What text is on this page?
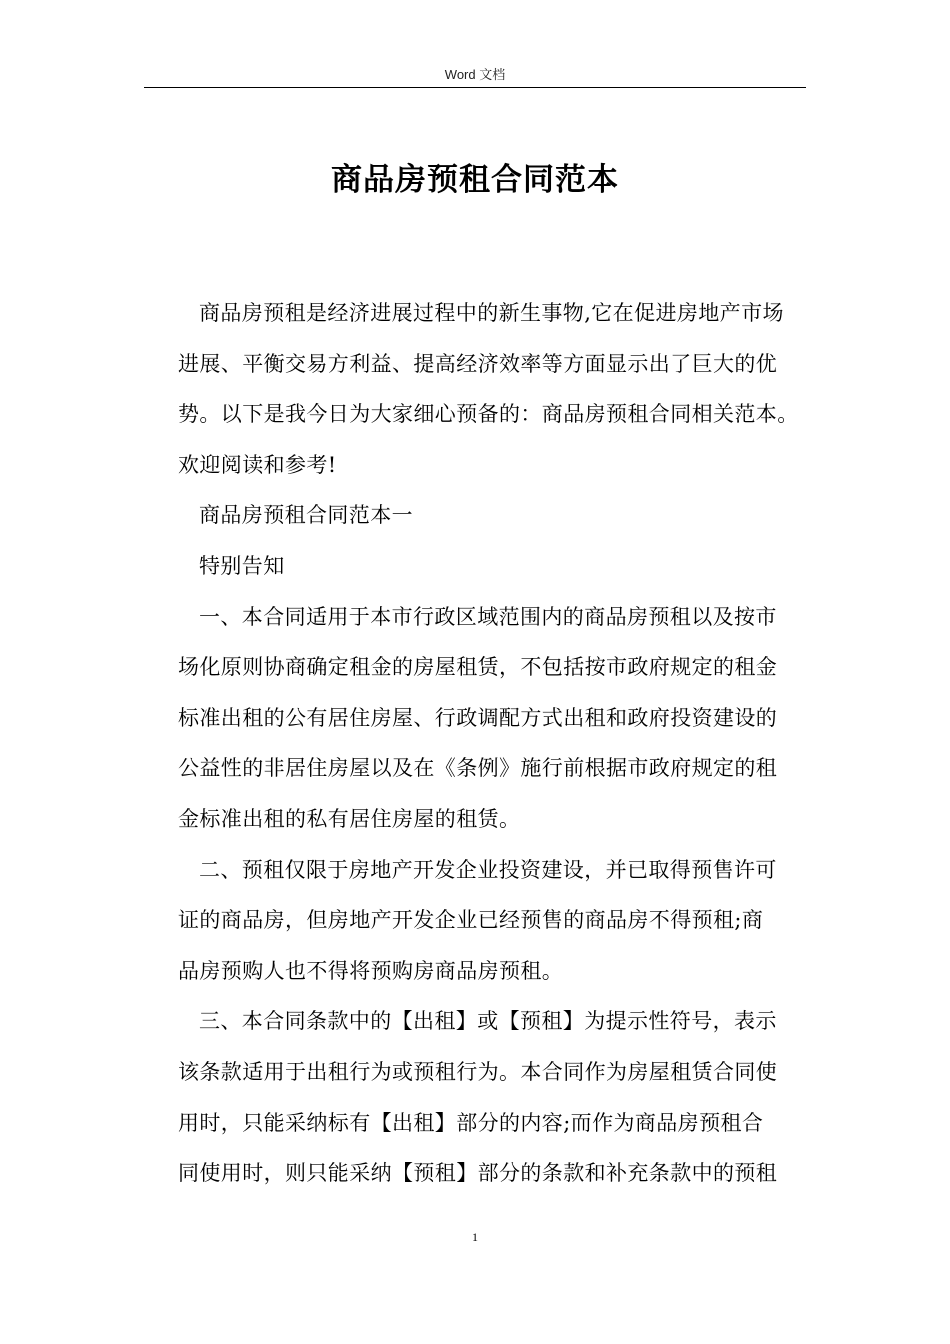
Word 文档
商品房预租合同范本
商品房预租是经济进展过程中的新生事物,它在促进房地产市场
进展、平衡交易方利益、提高经济效率等方面显示出了巨大的优
势。以下是我今日为大家细心预备的：商品房预租合同相关范本。
欢迎阅读和参考!
商品房预租合同范本一
特别告知
一、本合同适用于本市行政区域范围内的商品房预租以及按市
场化原则协商确定租金的房屋租赁，不包括按市政府规定的租金
标准出租的公有居住房屋、行政调配方式出租和政府投资建设的
公益性的非居住房屋以及在《条例》施行前根据市政府规定的租
金标准出租的私有居住房屋的租赁。
二、预租仅限于房地产开发企业投资建设，并已取得预售许可
证的商品房，但房地产开发企业已经预售的商品房不得预租;商
品房预购人也不得将预购房商品房预租。
三、本合同条款中的【出租】或【预租】为提示性符号，表示
该条款适用于出租行为或预租行为。本合同作为房屋租赁合同使
用时，只能采纳标有【出租】部分的内容;而作为商品房预租合
同使用时，则只能采纳【预租】部分的条款和补充条款中的预租
1
